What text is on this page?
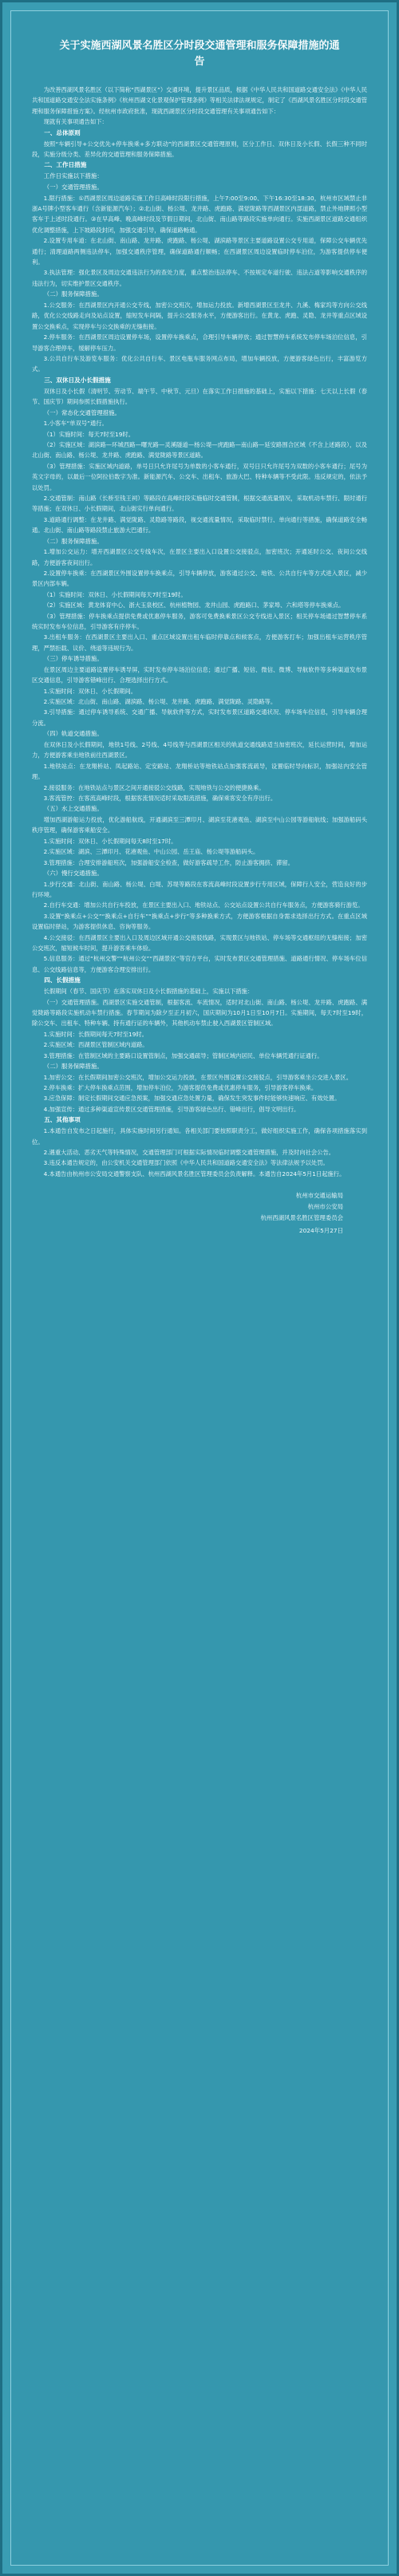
关于实施西湖风景名胜区分时段交通管理和服务保障措施的通告

为改善西湖风景名胜区（以下简称“西湖景区”）交通环境，提升景区品质，根据《中华人民共和国道路交通安全法》《中华人民共和国道路交通安全法实施条例》《杭州西湖文化景观保护管理条例》等相关法律法规规定，制定了《西湖风景名胜区分时段交通管理和服务保障措施方案》。经杭州市政府批准，现就西湖景区分时段交通管理有关事项通告如下：

现就有关事项通告如下：

一、总体原则

按照“车辆引导+公交优先+停车换乘+多方联动”的西湖景区交通管理原则，区分工作日、双休日及小长假、长假三种不同时段，实施分级分类、差异化的交通管理和服务保障措施。

二、工作日措施

工作日实施以下措施：

（一）交通管理措施。

1.限行措施：①西湖景区周边道路实施工作日高峰时段限行措施，上午7:00至9:00、下午16:30至18:30，杭州市区域禁止非浙A号牌小型客车通行（含新能源汽车）；②北山街、杨公堤、龙井路、虎跑路、满觉陇路等西湖景区内部道路，禁止外地牌照小型客车于上述时段通行。③在早高峰、晚高峰时段及节假日期间，北山街、南山路等路段实施单向通行。实施西湖景区道路交通组织优化调整措施，上下坡路段封闭，加强交通引导，确保道路畅通。

2.设置专用车道：在北山街、南山路、龙井路、虎跑路、杨公堤、湖滨路等景区主要道路设置公交专用道，保障公交车辆优先通行；清理道路两侧违法停车，加强交通秩序管理，确保道路通行顺畅；在西湖景区周边设置临时停车泊位，为游客提供停车便利。

3.执法管理：强化景区及周边交通违法行为的查处力度，重点整治违法停车、不按规定车道行驶、违法占道等影响交通秩序的违法行为，切实维护景区交通秩序。

（二）服务保障措施。

1.公交服务：在西湖景区内开通公交专线，加密公交班次，增加运力投放。新增西湖景区至龙井、九溪、梅家坞等方向公交线路，优化公交线路走向及站点设置，缩短发车间隔，提升公交服务水平，方便游客出行。在黄龙、虎跑、灵隐、龙井等重点区域设置公交换乘点，实现停车与公交换乘的无缝衔接。

2.停车服务：在西湖景区周边设置停车场，设置停车换乘点，合理引导车辆停放；通过智慧停车系统发布停车场泊位信息，引导游客合理停车，缓解停车压力。

3.公共自行车及游览车服务：优化公共自行车、景区电瓶车服务网点布局，增加车辆投放，方便游客绿色出行，丰富游览方式。

三、双休日及小长假措施

双休日及小长假（清明节、劳动节、端午节、中秋节、元旦）在落实工作日措施的基础上，实施以下措施：七天以上长假（春节、国庆节）期间参照长假措施执行。

（一）常态化交通管理措施。

1.小客车“单双号”通行。

（1）实施时间：每天7时至19时。

（2）实施区域：湖滨路—环城西路—曙光路—灵溪隧道—杨公堤—虎跑路—南山路—延安路围合区域（不含上述路段），以及北山街、南山路、杨公堤、龙井路、虎跑路、满觉陇路等景区道路。

（3）管理措施：实施区域内道路，单号日只允许尾号为单数的小客车通行，双号日只允许尾号为双数的小客车通行；尾号为英文字母的，以最后一位阿拉伯数字为准。新能源汽车、公交车、出租车、旅游大巴、特种车辆等不受此限。违反规定的，依法予以处罚。

2.交通管制：南山路（长桥至钱王祠）等路段在高峰时段实施临时交通管制，根据交通流量情况，采取机动车禁行、限时通行等措施；在双休日、小长假期间，北山街实行单向通行。

3.道路通行调整：在龙井路、满觉陇路、灵隐路等路段，视交通流量情况，采取临时禁行、单向通行等措施，确保道路安全畅通。北山街、南山路等路段禁止旅游大巴通行。

（二）服务保障措施。

1.增加公交运力：增开西湖景区公交专线车次，在景区主要出入口设置公交接驳点，加密班次；开通延时公交、夜间公交线路，方便游客夜间出行。

2.设置停车换乘：在西湖景区外围设置停车换乘点，引导车辆停放，游客通过公交、地铁、公共自行车等方式进入景区，减少景区内部车辆。

（1）实施时间：双休日、小长假期间每天7时至19时。

（2）实施区域：黄龙体育中心、浙大玉泉校区、杭州植物园、龙井山园、虎跑路口、茅家埠、六和塔等停车换乘点。

（3）管理措施：停车换乘点提供免费或优惠停车服务，游客可免费换乘景区公交专线进入景区；相关停车场通过智慧停车系统实时发布车位信息，引导游客有序停车。

3.出租车服务：在西湖景区主要出入口、重点区域设置出租车临时停靠点和候客点，方便游客打车；加强出租车运营秩序管理，严禁拒载、议价、绕道等违规行为。

（三）停车诱导措施。

在景区周边主要道路设置停车诱导屏，实时发布停车场泊位信息；通过广播、短信、微信、微博、导航软件等多种渠道发布景区交通信息，引导游客错峰出行、合理选择出行方式。

1.实施时间：双休日、小长假期间。

2.实施区域：北山街、南山路、湖滨路、杨公堤、龙井路、虎跑路、满觉陇路、灵隐路等。

3.引导措施：通过停车诱导系统、交通广播、导航软件等方式，实时发布景区道路交通状况、停车场车位信息，引导车辆合理分流。

（四）轨道交通措施。

在双休日及小长假期间，地铁1号线、2号线、4号线等与西湖景区相关的轨道交通线路适当加密班次，延长运营时间，增加运力，方便游客乘坐地铁前往西湖景区。

1.地铁站点：在龙翔桥站、凤起路站、定安路站、龙翔桥站等地铁站点加强客流疏导，设置临时导向标识，加强站内安全管理。

2.接驳服务：在地铁站点与景区之间开通接驳公交线路，实现地铁与公交的便捷换乘。

3.客流管控：在客流高峰时段，根据客流情况适时采取限流措施，确保乘客安全有序出行。

（五）水上交通措施。

增加西湖游船运力投放，优化游船航线，开通湖滨至三潭印月、湖滨至花港观鱼、湖滨至中山公园等游船航线；加强游船码头秩序管理，确保游客乘船安全。

1.实施时间：双休日、小长假期间每天8时至17时。

2.实施区域：湖滨、三潭印月、花港观鱼、中山公园、岳王庙、杨公堤等游船码头。

3.管理措施：合理安排游船班次，加强游船安全检查，做好游客疏导工作，防止游客拥挤、滞留。

（六）慢行交通措施。

1.步行交通：北山街、南山路、杨公堤、白堤、苏堤等路段在客流高峰时段设置步行专用区域，保障行人安全，营造良好的步行环境。

2.自行车交通：增加公共自行车投放，在景区主要出入口、地铁站点、公交站点设置公共自行车服务点，方便游客骑行游览。

3.设置“换乘点+公交”“换乘点+自行车”“换乘点+步行”等多种换乘方式，方便游客根据自身需求选择出行方式。在重点区域设置临时驿站，为游客提供休息、咨询等服务。

4.公交接驳：在西湖景区主要出入口及周边区域开通公交接驳线路，实现景区与地铁站、停车场等交通枢纽的无缝衔接；加密公交班次，缩短候车时间，提升游客乘车体验。

5.信息服务：通过“杭州交警”“杭州公交”“西湖景区”等官方平台，实时发布景区交通管理措施、道路通行情况、停车场车位信息、公交线路信息等，方便游客合理安排出行。

四、长假措施

长假期间（春节、国庆节）在落实双休日及小长假措施的基础上，实施以下措施：

（一）交通管理措施。西湖景区实施交通管制，根据客流、车流情况，适时对北山街、南山路、杨公堤、龙井路、虎跑路、满觉陇路等路段实施机动车禁行措施。春节期间为除夕至正月初六，国庆期间为10月1日至10月7日。实施期间，每天7时至19时，除公交车、出租车、特种车辆、持有通行证的车辆外，其他机动车禁止驶入西湖景区管制区域。

1.实施时间：长假期间每天7时至19时。

2.实施区域：西湖景区管制区域内道路。

3.管理措施：在管制区域的主要路口设置管制点，加强交通疏导；管制区域内居民、单位车辆凭通行证通行。

（二）服务保障措施。

1.加密公交：在长假期间加密公交班次，增加公交运力投放，在景区外围设置公交接驳点，引导游客乘坐公交进入景区。

2.停车换乘：扩大停车换乘点范围，增加停车泊位，为游客提供免费或优惠停车服务，引导游客停车换乘。

3.应急保障：制定长假期间交通应急预案，加强交通应急处置力量，确保发生突发事件时能够快速响应、有效处置。

4.加强宣传：通过多种渠道宣传景区交通管理措施，引导游客绿色出行、错峰出行，倡导文明出行。

五、其他事项

1.本通告自发布之日起施行，具体实施时间另行通知。各相关部门要按照职责分工，做好组织实施工作，确保各项措施落实到位。

2.遇重大活动、恶劣天气等特殊情况，交通管理部门可根据实际情况临时调整交通管理措施，并及时向社会公告。

3.违反本通告规定的，由公安机关交通管理部门依照《中华人民共和国道路交通安全法》等法律法规予以处罚。

4.本通告由杭州市公安局交通警察支队、杭州西湖风景名胜区管理委员会负责解释。本通告自2024年5月1日起施行。

杭州市交通运输局

杭州市公安局

杭州西湖风景名胜区管理委员会

2024年5月27日
